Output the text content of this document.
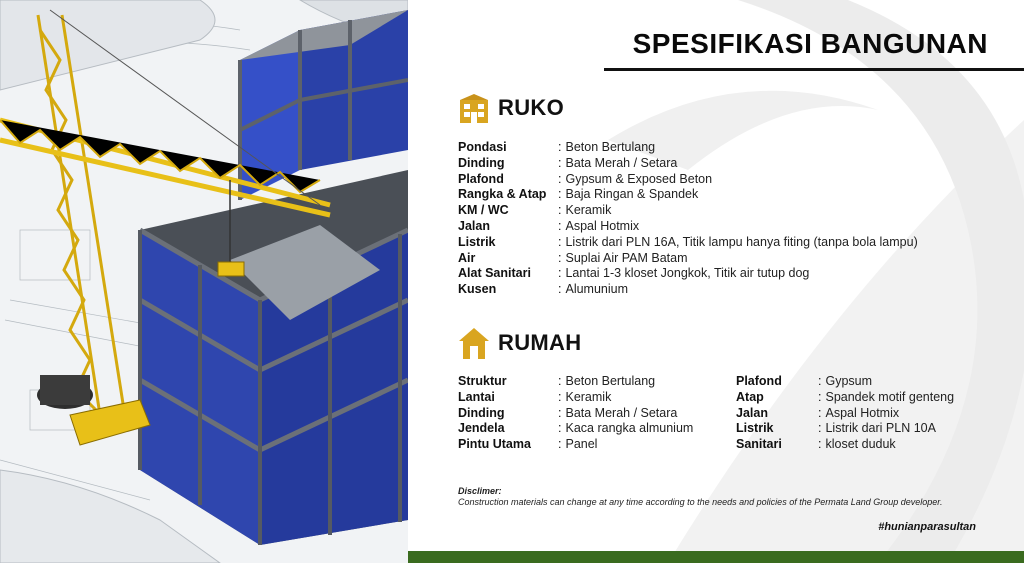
SPESIFIKASI BANGUNAN
RUKO
Pondasi	: Beton Bertulang
Dinding	: Bata Merah / Setara
Plafond	: Gypsum & Exposed Beton
Rangka & Atap : Baja Ringan & Spandek
KM / WC	: Keramik
Jalan	: Aspal Hotmix
Listrik	: Listrik dari PLN 16A, Titik lampu hanya fiting (tanpa bola lampu)
Air	: Suplai Air PAM Batam
Alat Sanitari	: Lantai 1-3 kloset Jongkok, Titik air tutup dog
Kusen	: Alumunium
RUMAH
Struktur	: Beton Bertulang
Lantai	: Keramik
Dinding	: Bata Merah / Setara
Jendela	: Kaca rangka almunium
Pintu Utama	: Panel
Plafond	: Gypsum
Atap	: Spandek motif genteng
Jalan	: Aspal Hotmix
Listrik	: Listrik dari PLN 10A
Sanitari	: kloset duduk
Disclimer:
Construction materials can change at any time according to the needs and policies of the Permata Land Group developer.
#hunianparasultan
